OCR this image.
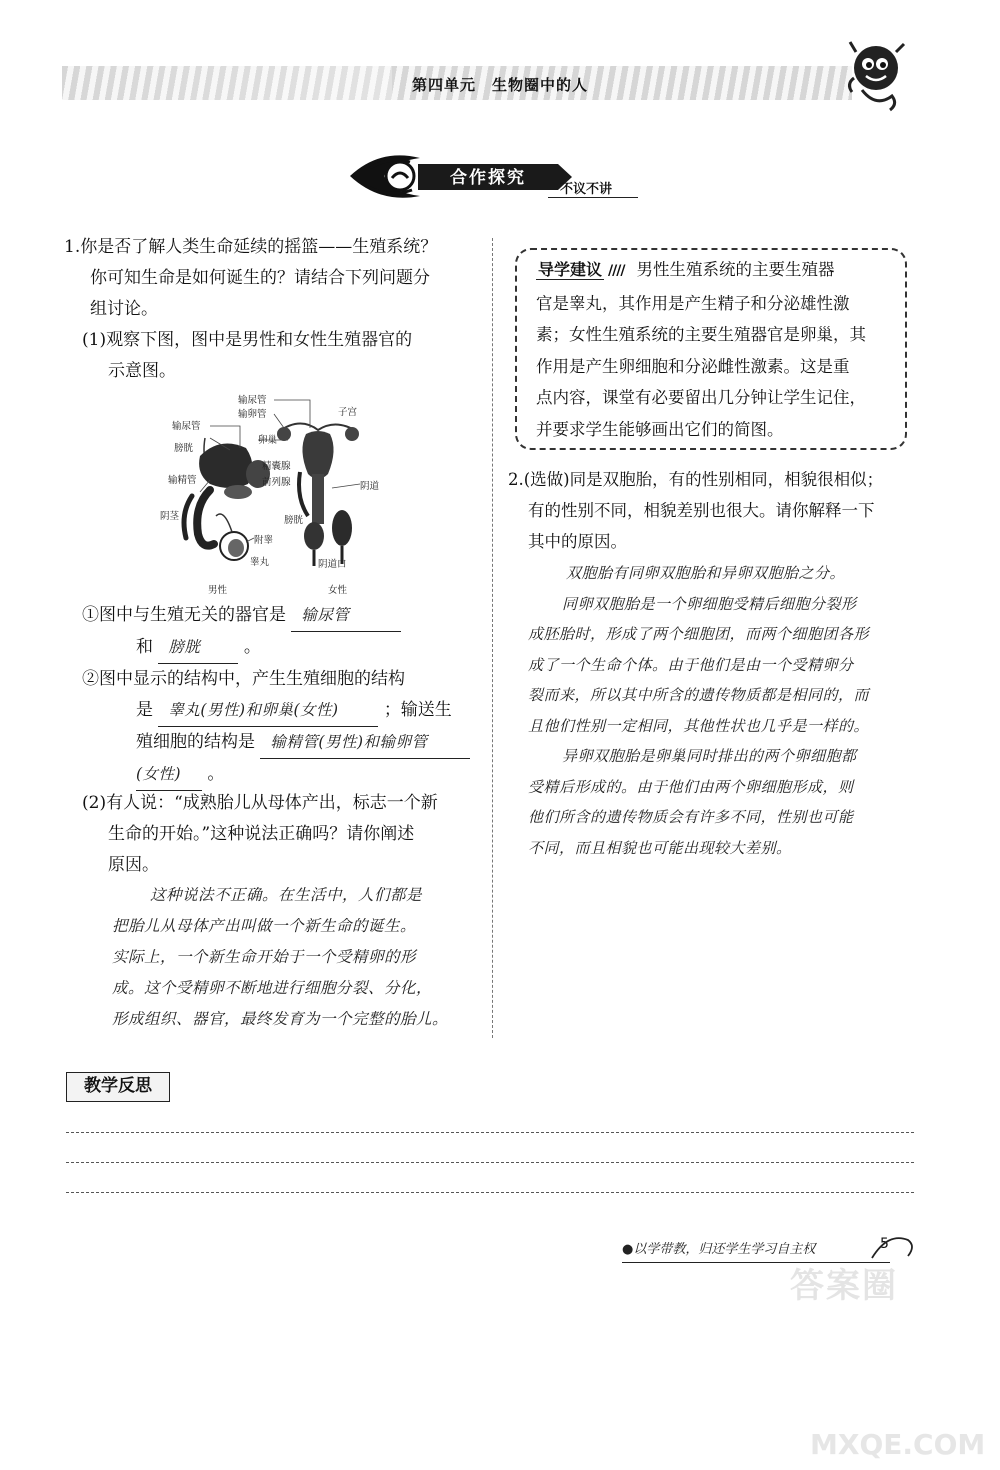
第四单元　生物圈中的人
合作探究
不议不讲
1.你是否了解人类生命延续的摇篮——生殖系统？
你可知生命是如何诞生的？请结合下列问题分
组讨论。
(1)观察下图，图中是男性和女性生殖器官的
示意图。
输尿管
输卵管	子宫
输尿管
膀胱
卵巢
精囊腺
输精管	前列腺	阴道
阴茎	膀胱
附睾
睾丸	阴道口
男性	女性
①图中与生殖无关的器官是 输尿管
和 膀胱	。
②图中显示的结构中，产生生殖细胞的结构
是 睾丸(男性)和卵巢(女性)	；输送生
殖细胞的结构是 输精管(男性)和输卵管
(女性) 。
(2)有人说：“成熟胎儿从母体产出，标志一个新
生命的开始。”这种说法正确吗？请你阐述
原因。
这种说法不正确。在生活中，人们都是
把胎儿从母体产出叫做一个新生命的诞生。
实际上，一个新生命开始于一个受精卵的形
成。这个受精卵不断地进行细胞分裂、分化，
形成组织、器官，最终发育为一个完整的胎儿。
导学建议 //// 男性生殖系统的主要生殖器
官是睾丸，其作用是产生精子和分泌雄性激
素；女性生殖系统的主要生殖器官是卵巢，其
作用是产生卵细胞和分泌雌性激素。这是重
点内容，课堂有必要留出几分钟让学生记住，
并要求学生能够画出它们的简图。
2.(选做)同是双胞胎，有的性别相同，相貌很相似；
有的性别不同，相貌差别也很大。请你解释一下
其中的原因。
双胞胎有同卵双胞胎和异卵双胞胎之分。
同卵双胞胎是一个卵细胞受精后细胞分裂形
成胚胎时，形成了两个细胞团，而两个细胞团各形
成了一个生命个体。由于他们是由一个受精卵分
裂而来，所以其中所含的遗传物质都是相同的，而
且他们性别一定相同，其他性状也几乎是一样的。
异卵双胞胎是卵巢同时排出的两个卵细胞都
受精后形成的。由于他们由两个卵细胞形成，则
他们所含的遗传物质会有许多不同，性别也可能
不同，而且相貌也可能出现较大差别。
教学反思
●以学带教，归还学生学习自主权	5
答案圈
MXQE.COM
